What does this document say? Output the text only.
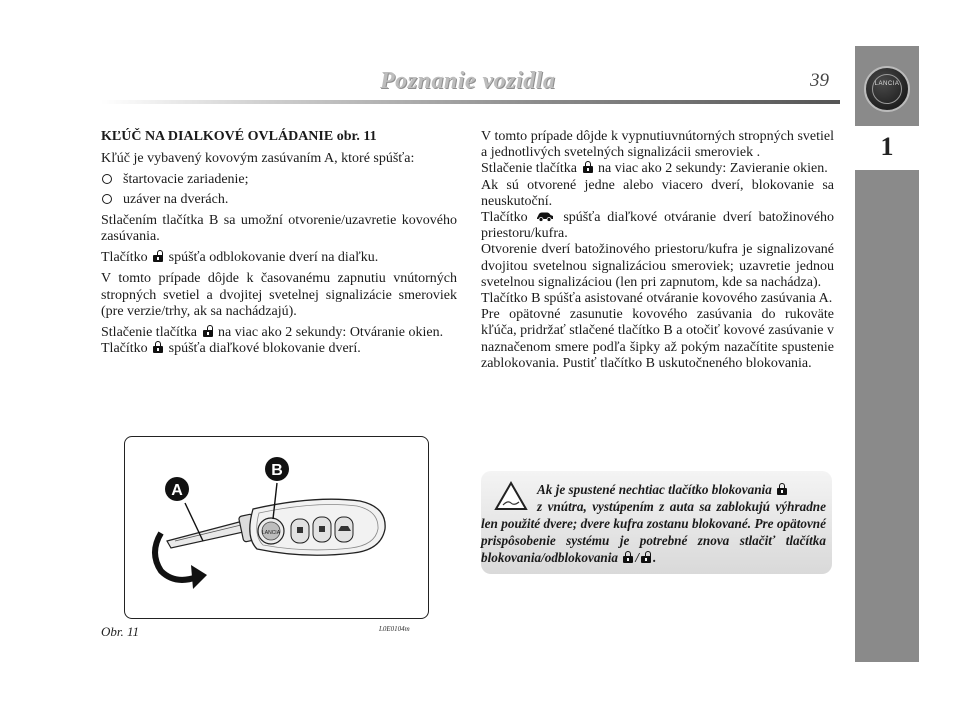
Poznanie vozidla	39	LANCIA
1

KĽÚČ NA DIALKOVÉ OVLÁDANIE obr. 11

Kľúč je vybavený kovovým zasúvaním A, ktoré spúšťa:

štartovacie zariadenie;
uzáver na dverách.

Stlačením tlačítka B sa umožní otvorenie/uzavretie kovového zasúvania.

Tlačítko spúšťa odblokovanie dverí na diaľku.

V tomto prípade dôjde k časovanému zapnutiu vnútorných stropných svetiel a dvojitej svetelnej signalizácie smeroviek (pre verzie/trhy, ak sa nachádzajú).

Stlačenie tlačítka na viac ako 2 sekundy: Otváranie okien.

Tlačítko spúšťa diaľkové blokovanie dverí.

V tomto prípade dôjde k vypnutiuvnútorných stropných svetiel a jednotlivých svetelných signalizácii smeroviek .

Stlačenie tlačítka na viac ako 2 sekundy: Zavieranie okien.

Ak sú otvorené jedne alebo viacero dverí, blokovanie sa neuskutoční.

Tlačítko	spúšťa diaľkové otváranie dverí batožinového priestoru/kufra.

Otvorenie dverí batožinového priestoru/kufra je signalizované dvojitou svetelnou signalizáciou smeroviek; uzavretie jednou svetelnou signalizáciou (len pri zapnutom, kde sa nachádza).

Tlačítko B spúšťa asistované otváranie kovového zasúvania A.

Pre opätovné zasunutie kovového zasúvania do rukoväte kľúča, pridržať stlačené tlačítko B a otočiť kovové zasúvanie v naznačenom smere podľa šipky až pokým nazačítite spustenie zablokovania. Pustiť tlačítko B uskutočneného blokovania.

LANCIA
A
B
Obr. 11	L0E0104m
Ak je spustené nechtiac tlačítko blokovania
z vnútra, vystúpením z auta sa zablokujú výhradne len použité dvere; dvere kufra zostanu blokované. Pre opätovné prispôsobenie systému je potrebné znova stlačiť tlačítka blokovania/odblokovania / .
